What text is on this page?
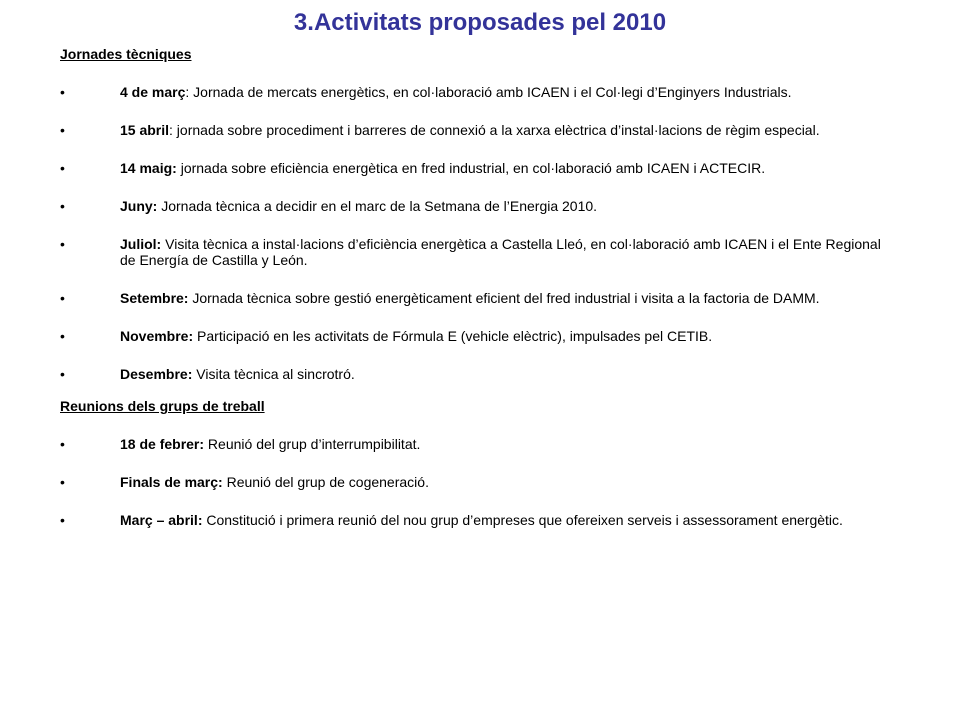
3.Activitats proposades pel 2010

Jornades tècniques

•	4 de març: Jornada de mercats energètics, en col·laboració amb ICAEN i el Col·legi d’Enginyers Industrials.
•	15 abril: jornada sobre procediment i barreres de connexió a la xarxa elèctrica d’instal·lacions de règim especial.
•	14 maig: jornada sobre eficiència energètica en fred industrial, en col·laboració amb ICAEN i ACTECIR.
•	Juny: Jornada tècnica a decidir en el marc de la Setmana de l’Energia 2010.
•	Juliol: Visita tècnica a instal·lacions d’eficiència energètica a Castella Lleó, en col·laboració amb ICAEN i el Ente Regional de Energía de Castilla y León.
•	Setembre: Jornada tècnica sobre gestió energèticament eficient del fred industrial i visita a la factoria de DAMM.
•	Novembre: Participació en les activitats de Fórmula E (vehicle elèctric), impulsades pel CETIB.
•	Desembre: Visita tècnica al sincrotró.

Reunions dels grups de treball

•	18 de febrer: Reunió del grup d’interrumpibilitat.
•	Finals de març: Reunió del grup de cogeneració.
•	Març – abril: Constitució i primera reunió del nou grup d’empreses que ofereixen serveis i assessorament energètic.
